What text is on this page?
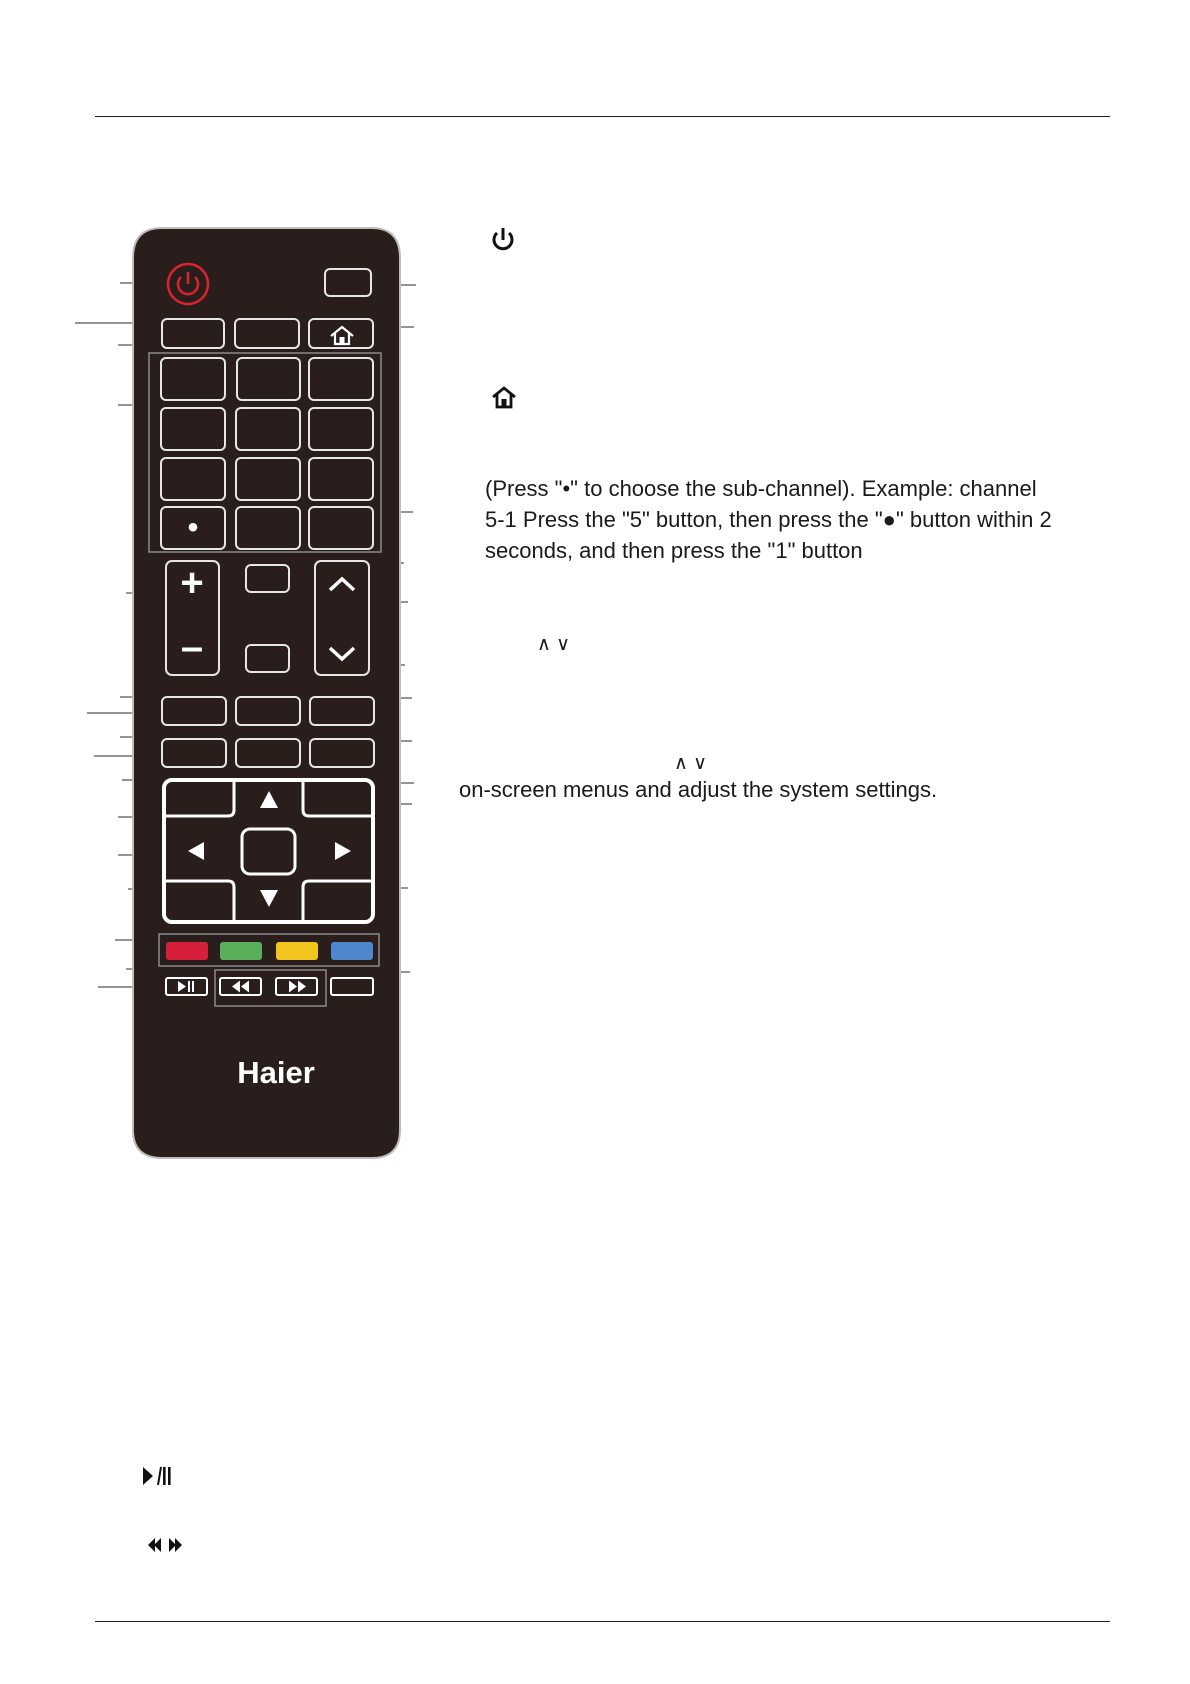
•
+
–
Haier
(Press "•" to choose the sub-channel). Example: channel
5-1 Press the "5" button, then press the "●" button within 2
seconds, and then press the "1" button
∧ ∨
∧ ∨
on-screen menus and adjust the system settings.
